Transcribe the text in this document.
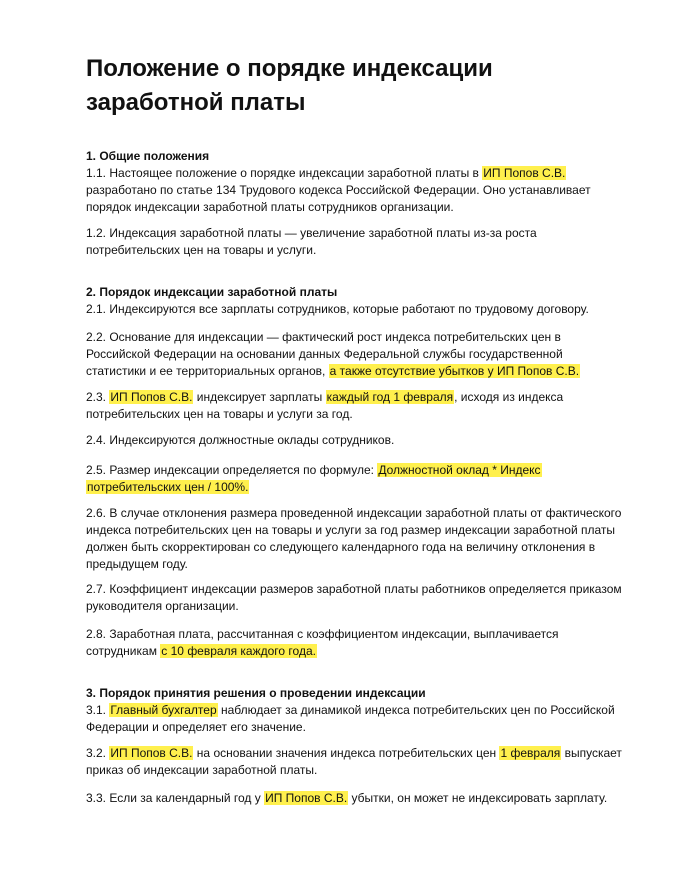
Положение о порядке индексации
заработной платы
1. Общие положения
1.1. Настоящее положение о порядке индексации заработной платы в ИП Попов С.В.
разработано по статье 134 Трудового кодекса Российской Федерации. Оно устанавливает
порядок индексации заработной платы сотрудников организации.
1.2. Индексация заработной платы — увеличение заработной платы из-за роста
потребительских цен на товары и услуги.
2. Порядок индексации заработной платы
2.1. Индексируются все зарплаты сотрудников, которые работают по трудовому договору.
2.2. Основание для индексации — фактический рост индекса потребительских цен в
Российской Федерации на основании данных Федеральной службы государственной
статистики и ее территориальных органов, а также отсутствие убытков у ИП Попов С.В.
2.3. ИП Попов С.В. индексирует зарплаты каждый год 1 февраля, исходя из индекса
потребительских цен на товары и услуги за год.
2.4. Индексируются должностные оклады сотрудников.
2.5. Размер индексации определяется по формуле: Должностной оклад * Индекс
потребительских цен / 100%.
2.6. В случае отклонения размера проведенной индексации заработной платы от фактического
индекса потребительских цен на товары и услуги за год размер индексации заработной платы
должен быть скорректирован со следующего календарного года на величину отклонения в
предыдущем году.
2.7. Коэффициент индексации размеров заработной платы работников определяется приказом
руководителя организации.
2.8. Заработная плата, рассчитанная с коэффициентом индексации, выплачивается
сотрудникам с 10 февраля каждого года.
3. Порядок принятия решения о проведении индексации
3.1. Главный бухгалтер наблюдает за динамикой индекса потребительских цен по Российской
Федерации и определяет его значение.
3.2. ИП Попов С.В. на основании значения индекса потребительских цен 1 февраля выпускает
приказ об индексации заработной платы.
3.3. Если за календарный год у ИП Попов С.В. убытки, он может не индексировать зарплату.
